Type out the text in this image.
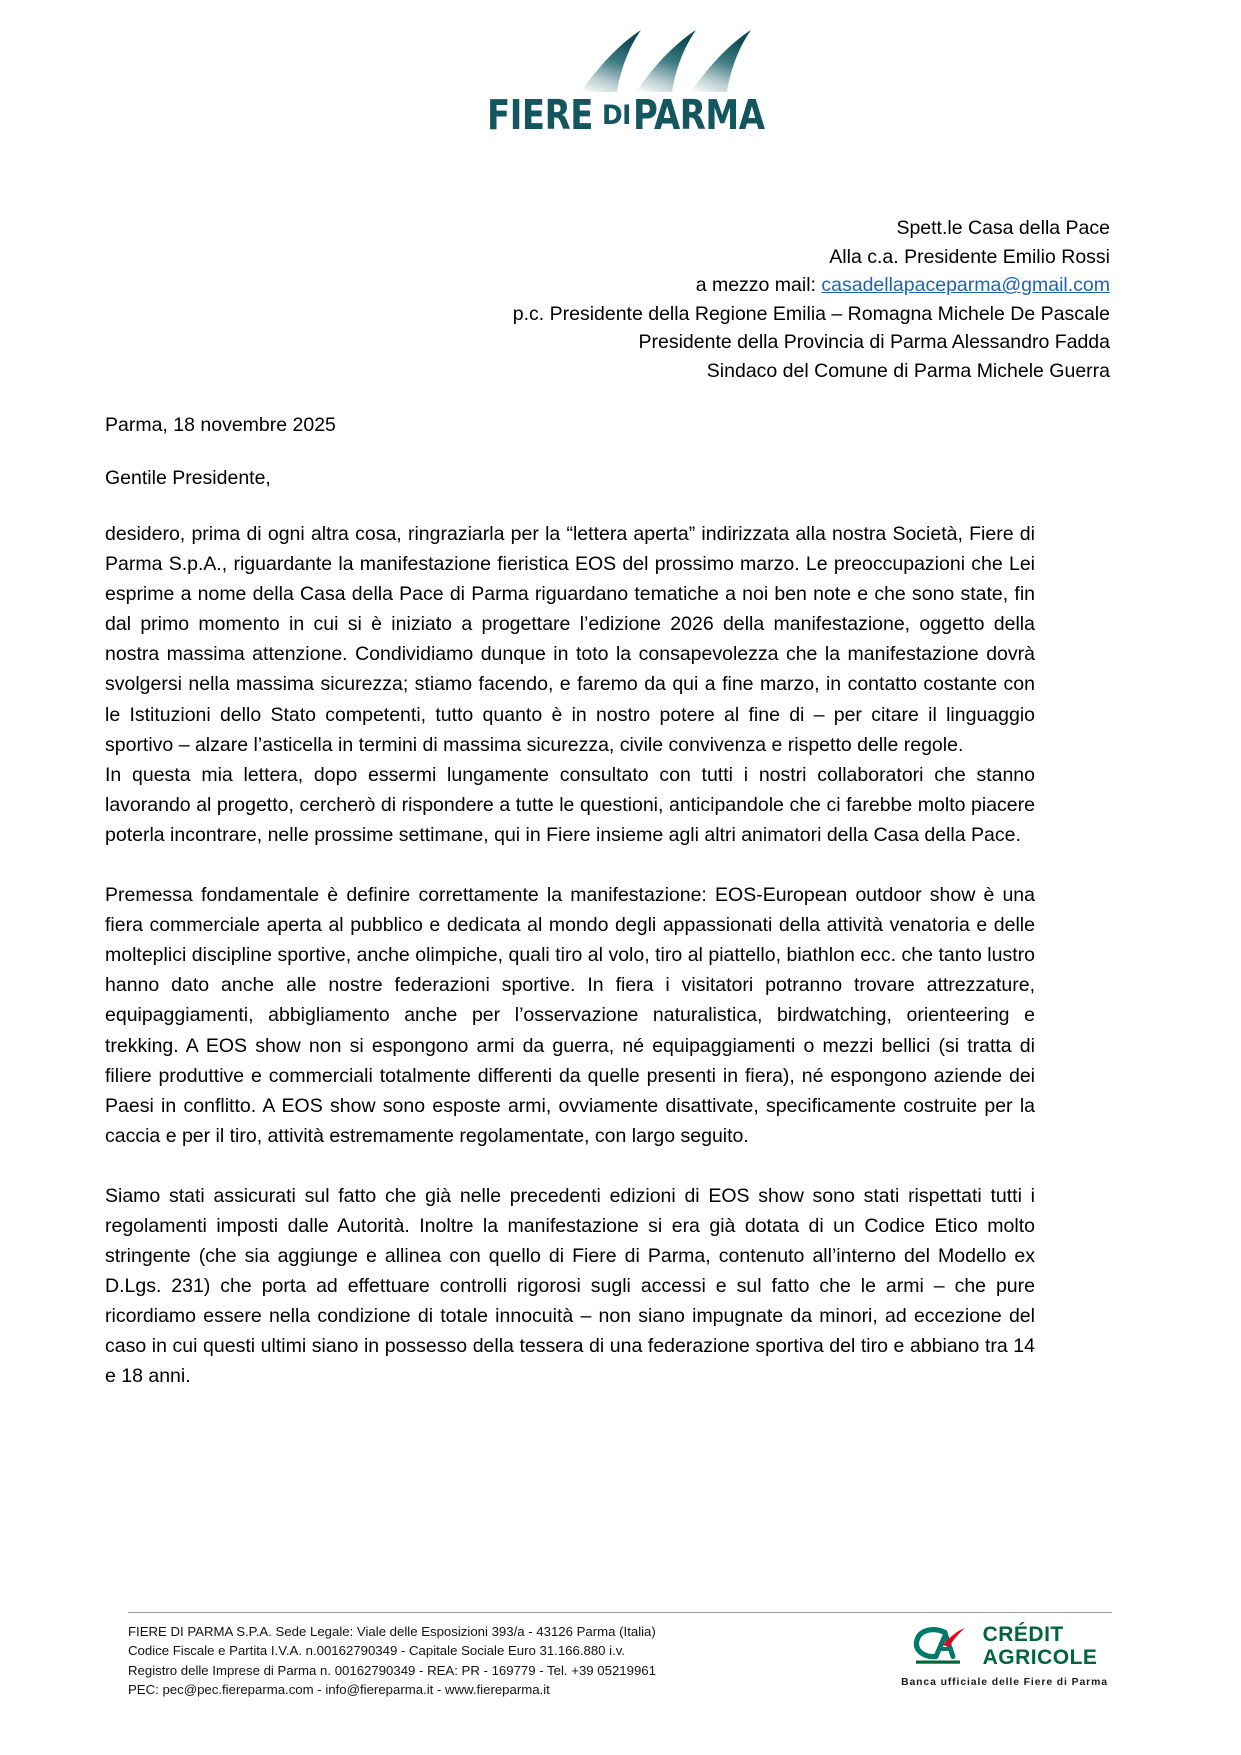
FIERE DI PARMA
Spett.le Casa della Pace
Alla c.a. Presidente Emilio Rossi
a mezzo mail: casadellapaceparma@gmail.com
p.c. Presidente della Regione Emilia – Romagna Michele De Pascale
Presidente della Provincia di Parma Alessandro Fadda
Sindaco del Comune di Parma Michele Guerra
Parma, 18 novembre 2025
Gentile Presidente,

desidero, prima di ogni altra cosa, ringraziarla per la “lettera aperta” indirizzata alla nostra Società, Fiere di Parma S.p.A., riguardante la manifestazione fieristica EOS del prossimo marzo. Le preoccupazioni che Lei esprime a nome della Casa della Pace di Parma riguardano tematiche a noi ben note e che sono state, fin dal primo momento in cui si è iniziato a progettare l’edizione 2026 della manifestazione, oggetto della nostra massima attenzione. Condividiamo dunque in toto la consapevolezza che la manifestazione dovrà svolgersi nella massima sicurezza; stiamo facendo, e faremo da qui a fine marzo, in contatto costante con le Istituzioni dello Stato competenti, tutto quanto è in nostro potere al fine di – per citare il linguaggio sportivo – alzare l’asticella in termini di massima sicurezza, civile convivenza e rispetto delle regole.

In questa mia lettera, dopo essermi lungamente consultato con tutti i nostri collaboratori che stanno lavorando al progetto, cercherò di rispondere a tutte le questioni, anticipandole che ci farebbe molto piacere poterla incontrare, nelle prossime settimane, qui in Fiere insieme agli altri animatori della Casa della Pace.

Premessa fondamentale è definire correttamente la manifestazione: EOS-European outdoor show è una fiera commerciale aperta al pubblico e dedicata al mondo degli appassionati della attività venatoria e delle molteplici discipline sportive, anche olimpiche, quali tiro al volo, tiro al piattello, biathlon ecc. che tanto lustro hanno dato anche alle nostre federazioni sportive. In fiera i visitatori potranno trovare attrezzature, equipaggiamenti, abbigliamento anche per l’osservazione naturalistica, birdwatching, orienteering e trekking. A EOS show non si espongono armi da guerra, né equipaggiamenti o mezzi bellici (si tratta di filiere produttive e commerciali totalmente differenti da quelle presenti in fiera), né espongono aziende dei Paesi in conflitto. A EOS show sono esposte armi, ovviamente disattivate, specificamente costruite per la caccia e per il tiro, attività estremamente regolamentate, con largo seguito.

Siamo stati assicurati sul fatto che già nelle precedenti edizioni di EOS show sono stati rispettati tutti i regolamenti imposti dalle Autorità. Inoltre la manifestazione si era già dotata di un Codice Etico molto stringente (che sia aggiunge e allinea con quello di Fiere di Parma, contenuto all’interno del Modello ex D.Lgs. 231) che porta ad effettuare controlli rigorosi sugli accessi e sul fatto che le armi – che pure ricordiamo essere nella condizione di totale innocuità – non siano impugnate da minori, ad eccezione del caso in cui questi ultimi siano in possesso della tessera di una federazione sportiva del tiro e abbiano tra 14 e 18 anni.

FIERE DI PARMA S.P.A. Sede Legale: Viale delle Esposizioni 393/a - 43126 Parma (Italia)
Codice Fiscale e Partita I.V.A. n.00162790349 - Capitale Sociale Euro 31.166.880 i.v.
Registro delle Imprese di Parma n. 00162790349 - REA: PR - 169779 - Tel. +39 05219961
PEC: pec@pec.fiereparma.com - info@fiereparma.it - www.fiereparma.it
CRÉDIT
AGRICOLE
Banca ufficiale delle Fiere di Parma
